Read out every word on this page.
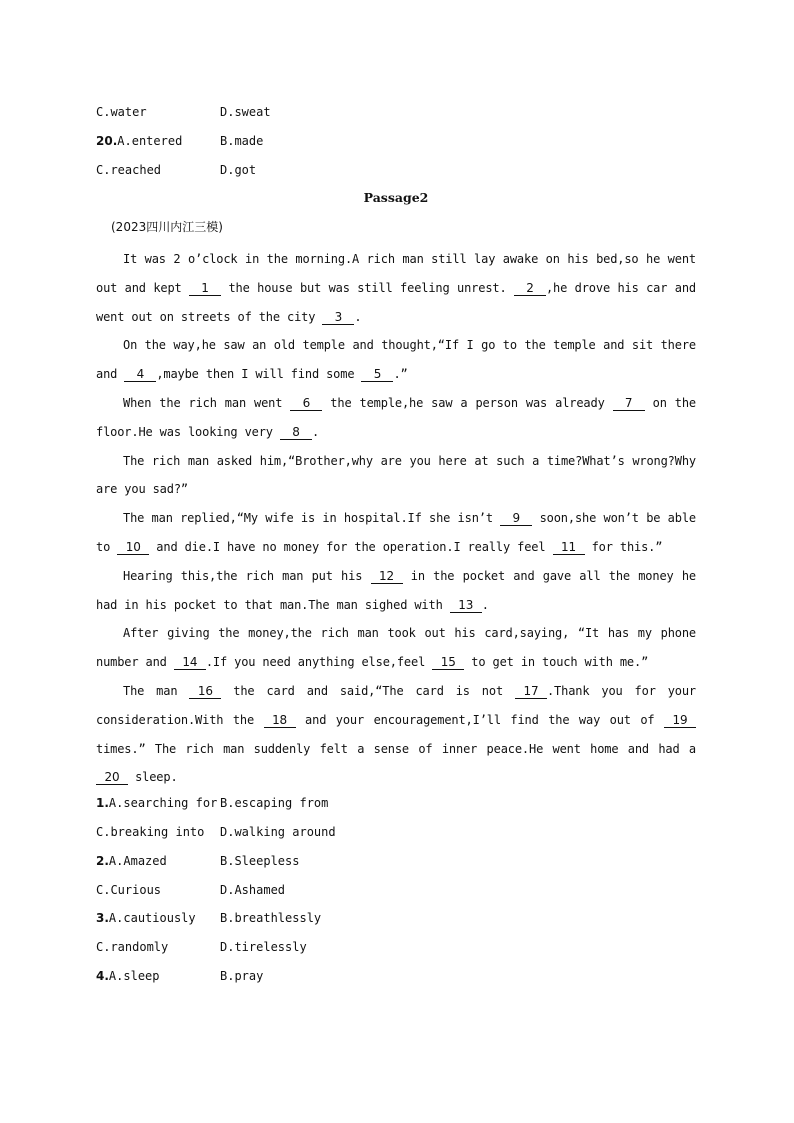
C.water	D.sweat
20.A.entered	B.made
C.reached	D.got
Passage2
(2023四川内江三模)
It was 2 o’clock in the morning.A rich man still lay awake on his bed,so he went out and kept 1 the house but was still feeling unrest. 2 ,he drove his car and went out on streets of the city 3 .
On the way,he saw an old temple and thought,“If I go to the temple and sit there and 4 ,maybe then I will find some 5 .”
When the rich man went 6 the temple,he saw a person was already 7 on the floor.He was looking very 8 .
The rich man asked him,“Brother,why are you here at such a time?What’s wrong?Why are you sad?”
The man replied,“My wife is in hospital.If she isn’t 9 soon,she won’t be able to 10 and die.I have no money for the operation.I really feel 11 for this.”
Hearing this,the rich man put his 12 in the pocket and gave all the money he had in his pocket to that man.The man sighed with 13 .
After giving the money,the rich man took out his card,saying, “It has my phone number and 14 .If you need anything else,feel 15 to get in touch with me.”
The man 16 the card and said,“The card is not 17 .Thank you for your consideration.With the 18 and your encouragement,I’ll find the way out of 19 times.” The rich man suddenly felt a sense of inner peace.He went home and had a 20 sleep.
1.A.searching for B.escaping from
C.breaking into D.walking around
2.A.Amazed	B.Sleepless
C.Curious	D.Ashamed
3.A.cautiously B.breathlessly
C.randomly	D.tirelessly
4.A.sleep	B.pray
